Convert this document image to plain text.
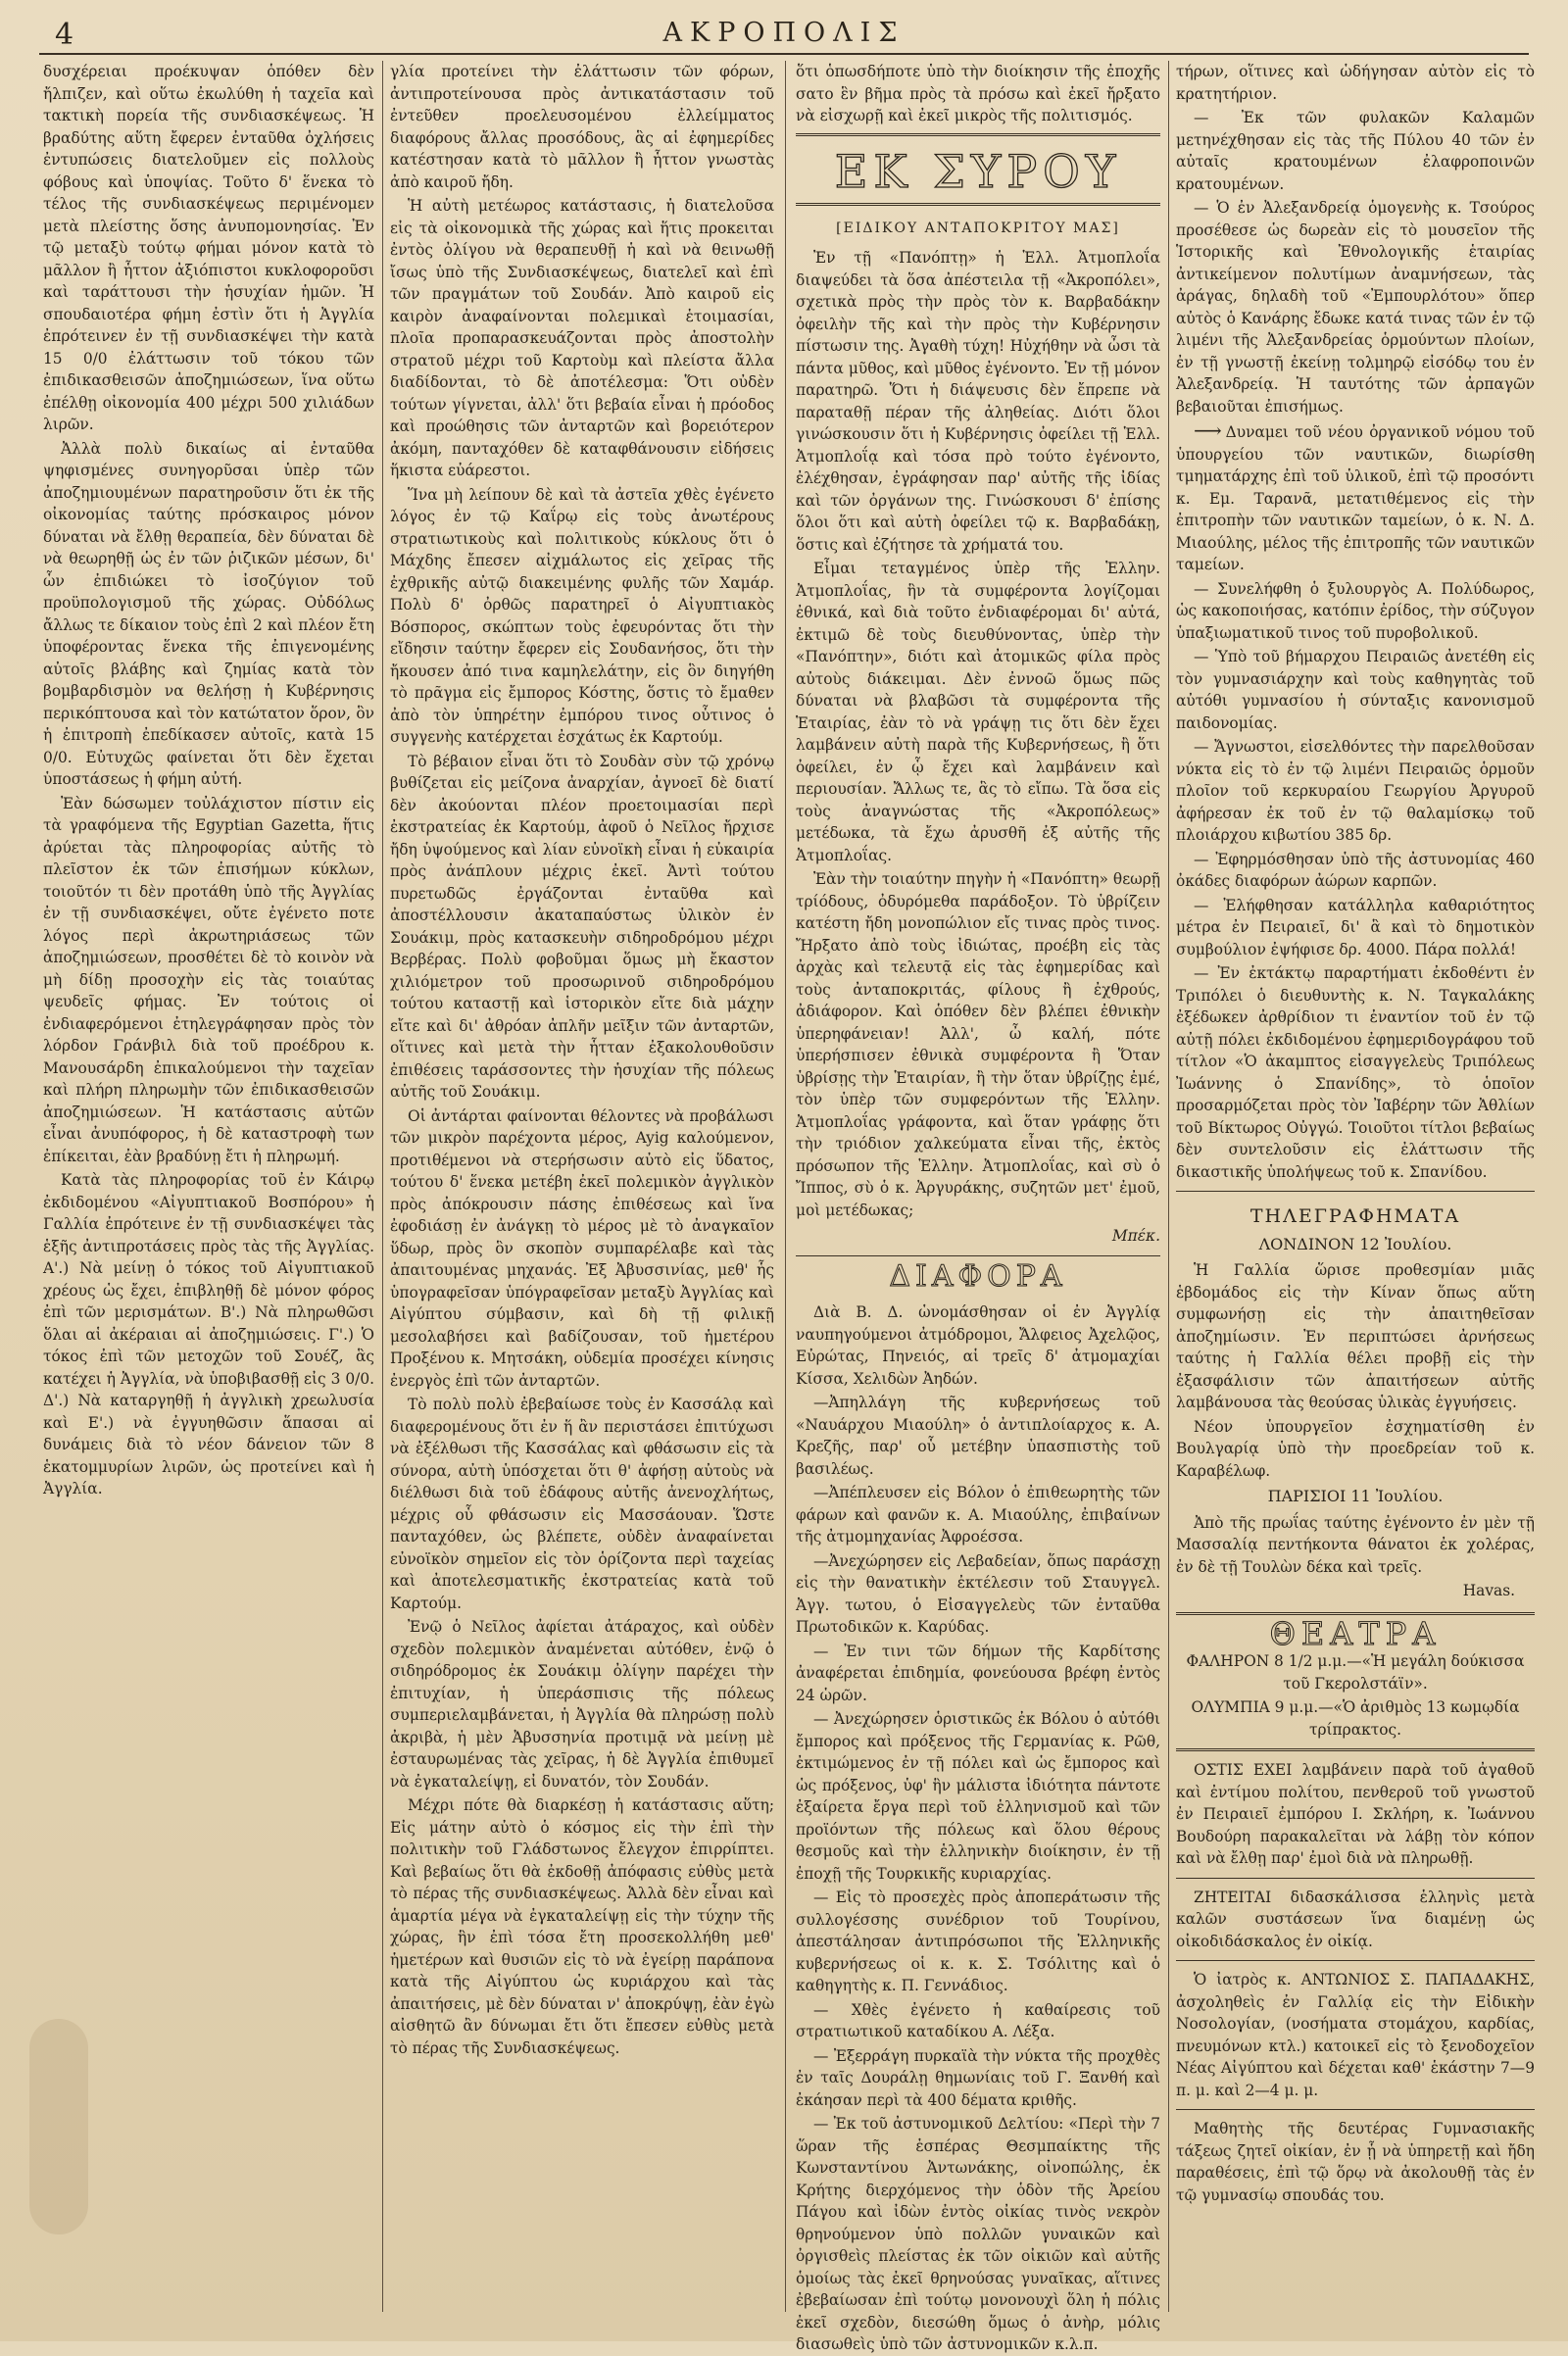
4	ΑΚΡΟΠΟΛΙΣ

δυσχέρειαι προέκυψαν ὁπόθεν δὲν ἤλπιζεν, καὶ οὕτω ἐκωλύθη ἡ ταχεῖα καὶ τακτικὴ πορεία τῆς συνδιασκέψεως. Ἡ βραδύτης αὕτη ἔφερεν ἐνταῦθα ὀχλήσεις ἐντυπώσεις διατελοῦμεν εἰς πολλοὺς φόβους καὶ ὑποψίας. Τοῦτο δ' ἕνεκα τὸ τέλος τῆς συνδιασκέψεως περιμένομεν μετὰ πλείστης ὅσης ἀνυπομονησίας. Ἐν τῷ μεταξὺ τούτῳ φήμαι μόνον κατὰ τὸ μᾶλλον ἢ ἧττον ἀξιόπιστοι κυκλοφοροῦσι καὶ ταράττουσι τὴν ἡσυχίαν ἡμῶν. Ἡ σπουδαιοτέρα φήμη ἐστὶν ὅτι ἡ Ἀγγλία ἐπρότεινεν ἐν τῇ συνδιασκέψει τὴν κατὰ 15 0/0 ἐλάττωσιν τοῦ τόκου τῶν ἐπιδικασθεισῶν ἀποζημιώσεων, ἵνα οὕτω ἐπέλθῃ οἰκονομία 400 μέχρι 500 χιλιάδων λιρῶν.

Ἀλλὰ πολὺ δικαίως αἱ ἐνταῦθα ψηφισμένες συνηγορῦσαι ὑπὲρ τῶν ἀποζημιουμένων παρατηροῦσιν ὅτι ἐκ τῆς οἰκονομίας ταύτης πρόσκαιρος μόνον δύναται νὰ ἔλθῃ θεραπεία, δὲν δύναται δὲ νὰ θεωρηθῇ ὡς ἐν τῶν ῥιζικῶν μέσων, δι' ὧν ἐπιδιώκει τὸ ἰσοζύγιον τοῦ προϋπολογισμοῦ τῆς χώρας. Οὐδόλως ἄλλως τε δίκαιον τοὺς ἐπὶ 2 καὶ πλέον ἔτη ὑποφέροντας ἕνεκα τῆς ἐπιγενομένης αὐτοῖς βλάβης καὶ ζημίας κατὰ τὸν βομβαρδισμὸν να θελήσῃ ἡ Κυβέρνησις περικόπτουσα καὶ τὸν κατώτατον ὅρον, ὃν ἡ ἐπιτροπὴ ἐπεδίκασεν αὐτοῖς, κατὰ 15 0/0. Εὐτυχῶς φαίνεται ὅτι δὲν ἔχεται ὑποστάσεως ἡ φήμη αὐτή.

Ἐὰν δώσωμεν τοὐλάχιστον πίστιν εἰς τὰ γραφόμενα τῆς Egyptian Gazetta, ἥτις ἀρύεται τὰς πληροφορίας αὐτῆς τὸ πλεῖστον ἐκ τῶν ἐπισήμων κύκλων, τοιοῦτόν τι δὲν προτάθη ὑπὸ τῆς Ἀγγλίας ἐν τῇ συνδιασκέψει, οὔτε ἐγένετο ποτε λόγος περὶ ἀκρωτηριάσεως τῶν ἀποζημιώσεων, προσθέτει δὲ τὸ κοινὸν νὰ μὴ δίδῃ προσοχὴν εἰς τὰς τοιαύτας ψευδεῖς φήμας. Ἐν τούτοις οἱ ἐνδιαφερόμενοι ἐτηλεγράφησαν πρὸς τὸν λόρδον Γράνβιλ διὰ τοῦ προέδρου κ. Μανουσάρδη ἐπικαλούμενοι τὴν ταχεῖαν καὶ πλήρη πληρωμὴν τῶν ἐπιδικασθεισῶν ἀποζημιώσεων. Ἡ κατάστασις αὐτῶν εἶναι ἀνυπόφορος, ἡ δὲ καταστροφὴ των ἐπίκειται, ἐὰν βραδύνῃ ἔτι ἡ πληρωμή.

Κατὰ τὰς πληροφορίας τοῦ ἐν Κάιρῳ ἐκδιδομένου «Αἰγυπτιακοῦ Βοσπόρου» ἡ Γαλλία ἐπρότεινε ἐν τῇ συνδιασκέψει τὰς ἑξῆς ἀντιπροτάσεις πρὸς τὰς τῆς Ἀγγλίας. Α'.) Νὰ μείνῃ ὁ τόκος τοῦ Αἰγυπτιακοῦ χρέους ὡς ἔχει, ἐπιβληθῇ δὲ μόνον φόρος ἐπὶ τῶν μερισμάτων. Β'.) Νὰ πληρωθῶσι ὅλαι αἱ ἀκέραιαι αἱ ἀποζημιώσεις. Γ'.) Ὁ τόκος ἐπὶ τῶν μετοχῶν τοῦ Σουέζ, ἃς κατέχει ἡ Ἀγγλία, νὰ ὑποβιβασθῇ εἰς 3 0/0. Δ'.) Νὰ καταργηθῇ ἡ ἀγγλικὴ χρεωλυσία καὶ Ε'.) νὰ ἐγγυηθῶσιν ἅπασαι αἱ δυνάμεις διὰ τὸ νέον δάνειον τῶν 8 ἑκατομμυρίων λιρῶν, ὡς προτείνει καὶ ἡ Ἀγγλία.

γλία προτείνει τὴν ἐλάττωσιν τῶν φόρων, ἀντιπροτείνουσα πρὸς ἀντικατάστασιν τοῦ ἐντεῦθεν προελευσομένου ἐλλείμματος διαφόρους ἄλλας προσόδους, ἃς αἱ ἐφημερίδες κατέστησαν κατὰ τὸ μᾶλλον ἢ ἧττον γνωστὰς ἀπὸ καιροῦ ἤδη.

Ἡ αὐτὴ μετέωρος κατάστασις, ἡ διατελοῦσα εἰς τὰ οἰκονομικὰ τῆς χώρας καὶ ἥτις προκειται ἐντὸς ὀλίγου νὰ θεραπευθῇ ἡ καὶ νὰ θεινωθῇ ἴσως ὑπὸ τῆς Συνδιασκέψεως, διατελεῖ καὶ ἐπὶ τῶν πραγμάτων τοῦ Σουδάν. Ἀπὸ καιροῦ εἰς καιρὸν ἀναφαίνονται πολεμικαὶ ἑτοιμασίαι, πλοῖα προπαρασκευάζονται πρὸς ἀποστολὴν στρατοῦ μέχρι τοῦ Καρτοὺμ καὶ πλείστα ἄλλα διαδίδονται, τὸ δὲ ἀποτέλεσμα: Ὅτι οὐδὲν τούτων γίγνεται, ἀλλ' ὅτι βεβαία εἶναι ἡ πρόοδος καὶ προώθησις τῶν ἀνταρτῶν καὶ βορειότερον ἀκόμη, πανταχόθεν δὲ καταφθάνουσιν εἰδήσεις ἥκιστα εὐάρεστοι.

Ἵνα μὴ λείπουν δὲ καὶ τὰ ἀστεῖα χθὲς ἐγένετο λόγος ἐν τῷ Καΐρῳ εἰς τοὺς ἀνωτέρους στρατιωτικοὺς καὶ πολιτικοὺς κύκλους ὅτι ὁ Μάχδης ἔπεσεν αἰχμάλωτος εἰς χεῖρας τῆς ἐχθρικῆς αὐτῷ διακειμένης φυλῆς τῶν Χαμάρ. Πολὺ δ' ὀρθῶς παρατηρεῖ ὁ Αἰγυπτιακὸς Βόσπορος, σκώπτων τοὺς ἐφευρόντας ὅτι τὴν εἴδησιν ταύτην ἔφερεν εἰς Σουδανήσος, ὅτι τὴν ἤκουσεν ἀπό τινα καμηλελάτην, εἰς ὃν διηγήθη τὸ πρᾶγμα εἰς ἔμπορος Κόστης, ὅστις τὸ ἔμαθεν ἀπὸ τὸν ὑπηρέτην ἐμπόρου τινος οὗτινος ὁ συγγενὴς κατέρχεται ἐσχάτως ἐκ Καρτούμ.

Τὸ βέβαιον εἶναι ὅτι τὸ Σουδὰν σὺν τῷ χρόνῳ βυθίζεται εἰς μείζονα ἀναρχίαν, ἀγνοεῖ δὲ διατί δὲν ἀκούονται πλέον προετοιμασίαι περὶ ἐκστρατείας ἐκ Καρτούμ, ἀφοῦ ὁ Νεῖλος ἤρχισε ἤδη ὑψούμενος καὶ λίαν εὐνοϊκὴ εἶναι ἡ εὐκαιρία πρὸς ἀνάπλουν μέχρις ἐκεῖ. Ἀντὶ τούτου πυρετωδῶς ἐργάζονται ἐνταῦθα καὶ ἀποστέλλουσιν ἀκαταπαύστως ὑλικὸν ἐν Σουάκιμ, πρὸς κατασκευὴν σιδηροδρόμου μέχρι Βερβέρας. Πολὺ φοβοῦμαι ὅμως μὴ ἔκαστον χιλιόμετρον τοῦ προσωρινοῦ σιδηροδρόμου τούτου καταστῇ καὶ ἱστορικὸν εἴτε διὰ μάχην εἴτε καὶ δι' ἀθρόαν ἀπλῆν μεῖξιν τῶν ἀνταρτῶν, οἵτινες καὶ μετὰ τὴν ἧτταν ἐξακολουθοῦσιν ἐπιθέσεις ταράσσοντες τὴν ἡσυχίαν τῆς πόλεως αὐτῆς τοῦ Σουάκιμ.

Οἱ ἀντάρται φαίνονται θέλοντες νὰ προβάλωσι τῶν μικρὸν παρέχοντα μέρος, Ayig καλούμενον, προτιθέμενοι νὰ στερήσωσιν αὐτὸ εἰς ὕδατος, τούτου δ' ἕνεκα μετέβη ἐκεῖ πολεμικὸν ἀγγλικὸν πρὸς ἀπόκρουσιν πάσης ἐπιθέσεως καὶ ἵνα ἐφοδιάσῃ ἐν ἀνάγκῃ τὸ μέρος μὲ τὸ ἀναγκαῖον ὕδωρ, πρὸς ὃν σκοπὸν συμπαρέλαβε καὶ τὰς ἀπαιτουμένας μηχανάς. Ἐξ Ἀβυσσινίας, μεθ' ἧς ὑπογραφεῖσαν ὑπόγραφεῖσαν μεταξὺ Ἀγγλίας καὶ Αἰγύπτου σύμβασιν, καὶ δὴ τῇ φιλικῇ μεσολαβήσει καὶ βαδίζουσαν, τοῦ ἡμετέρου Προξένου κ. Μητσάκη, οὐδεμία προσέχει κίνησις ἐνεργὸς ἐπὶ τῶν ἀνταρτῶν.

Τὸ πολὺ πολὺ ἐβεβαίωσε τοὺς ἐν Κασσάλᾳ καὶ διαφερομένους ὅτι ἐν ἥ ἂν περιστάσει ἐπιτύχωσι νὰ ἐξέλθωσι τῆς Κασσάλας καὶ φθάσωσιν εἰς τὰ σύνορα, αὐτὴ ὑπόσχεται ὅτι θ' ἀφήσῃ αὐτοὺς νὰ διέλθωσι διὰ τοῦ ἐδάφους αὐτῆς ἀνενοχλήτως, μέχρις οὗ φθάσωσιν εἰς Μασσάουαν. Ὥστε πανταχόθεν, ὡς βλέπετε, οὐδὲν ἀναφαίνεται εὐνοϊκὸν σημεῖον εἰς τὸν ὁρίζοντα περὶ ταχείας καὶ ἀποτελεσματικῆς ἐκστρατείας κατὰ τοῦ Καρτούμ.

Ἐνῷ ὁ Νεῖλος ἀφίεται ἀτάραχος, καὶ οὐδὲν σχεδὸν πολεμικὸν ἀναμένεται αὐτόθεν, ἐνῷ ὁ σιδηρόδρομος ἐκ Σουάκιμ ὀλίγην παρέχει τὴν ἐπιτυχίαν, ἡ ὑπεράσπισις τῆς πόλεως συμπεριελαμβάνεται, ἡ Ἀγγλία θὰ πληρώσῃ πολὺ ἀκριβὰ, ἡ μὲν Ἀβυσσηνία προτιμᾷ νὰ μείνῃ μὲ ἐσταυρωμένας τὰς χεῖρας, ἡ δὲ Ἀγγλία ἐπιθυμεῖ νὰ ἐγκαταλείψῃ, εἰ δυνατόν, τὸν Σουδάν.

Μέχρι πότε θὰ διαρκέσῃ ἡ κατάστασις αὕτη; Εἰς μάτην αὐτὸ ὁ κόσμος εἰς τὴν ἐπὶ τὴν πολιτικὴν τοῦ Γλάδστωνος ἔλεγχον ἐπιρρίπτει. Καὶ βεβαίως ὅτι θὰ ἐκδοθῇ ἀπόφασις εὐθὺς μετὰ τὸ πέρας τῆς συνδιασκέψεως. Ἀλλὰ δὲν εἶναι καὶ ἁμαρτία μέγα νὰ ἐγκαταλείψῃ εἰς τὴν τύχην τῆς χώρας, ἣν ἐπὶ τόσα ἔτη προσεκολλήθη μεθ' ἡμετέρων καὶ θυσιῶν εἰς τὸ νὰ ἐγείρῃ παράπονα κατὰ τῆς Αἰγύπτου ὡς κυριάρχου καὶ τὰς ἀπαιτήσεις, μὲ δὲν δύναται ν' ἀποκρύψῃ, ἐὰν ἐγὼ αἰσθητῶ ἂν δύνωμαι ἔτι ὅτι ἔπεσεν εὐθὺς μετὰ τὸ πέρας τῆς Συνδιασκέψεως.

ὅτι ὁπωσδήποτε ὑπὸ τὴν διοίκησιν τῆς ἐποχῆς σατο ἓν βῆμα πρὸς τὰ πρόσω καὶ ἐκεῖ ἤρξατο νὰ εἰσχωρῇ καὶ ἐκεῖ μικρὸς τῆς πολιτισμός.

ΕΚ ΣΥΡΟΥ
[ΕΙΔΙΚΟΥ ΑΝΤΑΠΟΚΡΙΤΟΥ ΜΑΣ]

Ἐν τῇ «Πανόπτῃ» ἡ Ἑλλ. Ἀτμοπλοΐα διαψεύδει τὰ ὅσα ἀπέστειλα τῇ «Ἀκροπόλει», σχετικὰ πρὸς τὴν πρὸς τὸν κ. Βαρβαδάκην ὀφειλὴν τῆς καὶ τὴν πρὸς τὴν Κυβέρνησιν πίστωσιν της. Ἀγαθὴ τύχη! Ηὐχήθην νὰ ὦσι τὰ πάντα μῦθος, καὶ μῦθος ἐγένοντο. Ἐν τῇ μόνον παρατηρῶ. Ὅτι ἡ διάψευσις δὲν ἔπρεπε νὰ παραταθῇ πέραν τῆς ἀληθείας. Διότι ὅλοι γινώσκουσιν ὅτι ἡ Κυβέρνησις ὀφείλει τῇ Ἑλλ. Ἀτμοπλοΐᾳ καὶ τόσα πρὸ τούτο ἐγένοντο, ἐλέχθησαν, ἐγράφησαν παρ' αὐτῆς τῆς ἰδίας καὶ τῶν ὀργάνων της. Γινώσκουσι δ' ἐπίσης ὅλοι ὅτι καὶ αὐτὴ ὀφείλει τῷ κ. Βαρβαδάκῃ, ὅστις καὶ ἐζήτησε τὰ χρήματά του.

Εἶμαι τεταγμένος ὑπὲρ τῆς Ἑλλην. Ἀτμοπλοΐας, ἣν τὰ συμφέροντα λογίζομαι ἐθνικά, καὶ διὰ τοῦτο ἐνδιαφέρομαι δι' αὐτά, ἐκτιμῶ δὲ τοὺς διευθύνοντας, ὑπὲρ τὴν «Πανόπτην», διότι καὶ ἀτομικῶς φίλα πρὸς αὐτοὺς διάκειμαι. Δὲν ἐννοῶ ὅμως πῶς δύναται νὰ βλαβῶσι τὰ συμφέροντα τῆς Ἑταιρίας, ἐὰν τὸ νὰ γράψῃ τις ὅτι δὲν ἔχει λαμβάνειν αὐτὴ παρὰ τῆς Κυβερνήσεως, ἢ ὅτι ὀφείλει, ἐν ᾧ ἔχει καὶ λαμβάνειν καὶ περιουσίαν. Ἄλλως τε, ἃς τὸ εἴπω. Τὰ ὅσα εἰς τοὺς ἀναγνώστας τῆς «Ἀκροπόλεως» μετέδωκα, τὰ ἔχω ἀρυσθῆ ἐξ αὐτῆς τῆς Ἀτμοπλοΐας.

Ἐὰν τὴν τοιαύτην πηγὴν ἡ «Πανόπτη» θεωρῇ τρίόδους, ὀδυρόμεθα παράδοξον. Τὸ ὑβρίζειν κατέστη ἤδη μονοπώλιον εἴς τινας πρὸς τινος. Ἤρξατο ἀπὸ τοὺς ἰδιώτας, προέβη εἰς τὰς ἀρχὰς καὶ τελευτᾷ εἰς τὰς ἐφημερίδας καὶ τοὺς ἀνταποκριτάς, φίλους ἢ ἐχθρούς, ἀδιάφορον. Καὶ ὁπόθεν δὲν βλέπει ἐθνικὴν ὑπερηφάνειαν! Ἀλλ', ὦ καλή, πότε ὑπερήσπισεν ἐθνικὰ συμφέροντα ἢ Ὅταν ὑβρίσῃς τὴν Ἑταιρίαν, ἢ τὴν ὅταν ὑβρίζῃς ἐμέ, τὸν ὑπὲρ τῶν συμφερόντων τῆς Ἑλλην. Ἀτμοπλοΐας γράφοντα, καὶ ὅταν γράφῃς ὅτι τὴν τριόδιον χαλκεύματα εἶναι τῆς, ἐκτὸς πρόσωπον τῆς Ἑλλην. Ἀτμοπλοΐας, καὶ σὺ ὁ Ἴππος, σὺ ὁ κ. Ἀργυράκης, συζητῶν μετ' ἐμοῦ, μοὶ μετέδωκας;

Μπέκ.
ΔΙΑΦΟΡΑ

Διὰ Β. Δ. ὡνομάσθησαν οἱ ἐν Ἀγγλίᾳ ναυπηγούμενοι ἀτμόδρομοι, Ἄλφειος Ἀχελῷος, Εὐρώτας, Πηνειός, αἱ τρεῖς δ' ἀτμομαχίαι Κίσσα, Χελιδὼν Ἀηδών.

—Ἀπηλλάγη τῆς κυβερνήσεως τοῦ «Ναυάρχου Μιαούλη» ὁ ἀντιπλοίαρχος κ. Α. Κρεζῆς, παρ' οὗ μετέβην ὑπασπιστὴς τοῦ βασιλέως.

—Ἀπέπλευσεν εἰς Βόλον ὁ ἐπιθεωρητὴς τῶν φάρων καὶ φανῶν κ. Α. Μιαούλης, ἐπιβαίνων τῆς ἀτμομηχανίας Ἀφροέσσα.

—Ἀνεχώρησεν εἰς Λεβαδείαν, ὅπως παράσχῃ εἰς τὴν θανατικὴν ἐκτέλεσιν τοῦ Σταυγγελ. Ἀγγ. τωτου, ὁ Εἰσαγγελεὺς τῶν ἐνταῦθα Πρωτοδικῶν κ. Καρύδας.

— Ἐν τινι τῶν δήμων τῆς Καρδίτσης ἀναφέρεται ἐπιδημία, φονεύουσα βρέφη ἐντὸς 24 ὡρῶν.

— Ἀνεχώρησεν ὁριστικῶς ἐκ Βόλου ὁ αὐτόθι ἔμπορος καὶ πρόξενος τῆς Γερμανίας κ. Ρῶθ, ἐκτιμώμενος ἐν τῇ πόλει καὶ ὡς ἔμπορος καὶ ὡς πρόξενος, ὑφ' ἣν μάλιστα ἰδιότητα πάντοτε ἐξαίρετα ἔργα περὶ τοῦ ἑλληνισμοῦ καὶ τῶν προϊόντων τῆς πόλεως καὶ ὅλου θέρους θεσμοῦς καὶ τὴν ἑλληνικὴν διοίκησιν, ἐν τῇ ἐποχῇ τῆς Τουρκικῆς κυριαρχίας.

— Εἰς τὸ προσεχὲς πρὸς ἀποπεράτωσιν τῆς συλλογέσσης συνέδριον τοῦ Τουρίνου, ἀπεστάλησαν ἀντιπρόσωποι τῆς Ἑλληνικῆς κυβερνήσεως οἱ κ. κ. Σ. Τσόλιτης καὶ ὁ καθηγητὴς κ. Π. Γεννάδιος.

— Χθὲς ἐγένετο ἡ καθαίρεσις τοῦ στρατιωτικοῦ καταδίκου Α. Λέξα.

— Ἐξερράγη πυρκαϊὰ τὴν νύκτα τῆς προχθὲς ἐν ταῖς Δουράλῃ θημωνίαις τοῦ Γ. Ξανθή καὶ ἐκάησαν περὶ τὰ 400 δέματα κριθῆς.

— Ἐκ τοῦ ἀστυνομικοῦ Δελτίου: «Περὶ τὴν 7 ὥραν τῆς ἑσπέρας Θεσμπαίκτης τῆς Κωνσταντίνου Ἀντωνάκης, οἰνοπώλης, ἐκ Κρήτης διερχόμενος τὴν ὁδὸν τῆς Ἀρείου Πάγου καὶ ἰδὼν ἐντὸς οἰκίας τινὸς νεκρὸν θρηνούμενον ὑπὸ πολλῶν γυναικῶν καὶ ὀργισθεὶς πλείστας ἐκ τῶν οἰκιῶν καὶ αὐτῆς ὁμοίως τὰς ἐκεῖ θρηνούσας γυναῖκας, αἵτινες ἐβεβαίωσαν ἐπὶ τούτῳ μονονουχὶ ὅλη ἡ πόλις ἐκεῖ σχεδὸν, διεσώθη ὅμως ὁ ἀνὴρ, μόλις διασωθεὶς ὑπὸ τῶν ἀστυνομικῶν κ.λ.π.

τήρων, οἵτινες καὶ ὡδήγησαν αὐτὸν εἰς τὸ κρατητήριον.

— Ἐκ τῶν φυλακῶν Καλαμῶν μετηνέχθησαν εἰς τὰς τῆς Πύλου 40 τῶν ἐν αὐταῖς κρατουμένων ἐλαφροποινῶν κρατουμένων.

— Ὁ ἐν Ἀλεξανδρείᾳ ὁμογενὴς κ. Τσούρος προσέθεσε ὡς δωρεὰν εἰς τὸ μουσεῖον τῆς Ἱστορικῆς καὶ Ἐθνολογικῆς ἑταιρίας ἀντικείμενον πολυτίμων ἀναμνήσεων, τὰς ἀράγας, δηλαδὴ τοῦ «Ἐμπουρλότου» ὅπερ αὐτὸς ὁ Κανάρης ἔδωκε κατά τινας τῶν ἐν τῷ λιμένι τῆς Ἀλεξανδρείας ὁρμούντων πλοίων, ἐν τῇ γνωστῇ ἐκείνῃ τολμηρῷ εἰσόδῳ του ἐν Ἀλεξανδρείᾳ. Ἡ ταυτότης τῶν ἀρπαγῶν βεβαιοῦται ἐπισήμως.

⟶ Δυναμει τοῦ νέου ὀργανικοῦ νόμου τοῦ ὑπουργείου τῶν ναυτικῶν, διωρίσθη τμηματάρχης ἐπὶ τοῦ ὑλικοῦ, ἐπὶ τῷ προσόντι κ. Εμ. Ταρανᾶ, μετατιθέμενος εἰς τὴν ἐπιτροπὴν τῶν ναυτικῶν ταμείων, ὁ κ. Ν. Δ. Μιαούλης, μέλος τῆς ἐπιτροπῆς τῶν ναυτικῶν ταμείων.

— Συνελήφθη ὁ ξυλουργὸς Α. Πολύδωρος, ὡς κακοποιήσας, κατόπιν ἐρίδος, τὴν σύζυγον ὑπαξιωματικοῦ τινος τοῦ πυροβολικοῦ.

— Ὑπὸ τοῦ βήμαρχου Πειραιῶς ἀνετέθη εἰς τὸν γυμνασιάρχην καὶ τοὺς καθηγητὰς τοῦ αὐτόθι γυμνασίου ἡ σύνταξις κανονισμοῦ παιδονομίας.

— Ἄγνωστοι, εἰσελθόντες τὴν παρελθοῦσαν νύκτα εἰς τὸ ἐν τῷ λιμένι Πειραιῶς ὁρμοῦν πλοῖον τοῦ κερκυραίου Γεωργίου Ἀργυροῦ ἀφήρεσαν ἐκ τοῦ ἐν τῷ θαλαμίσκῳ τοῦ πλοιάρχου κιβωτίου 385 δρ.

— Ἐφηρμόσθησαν ὑπὸ τῆς ἀστυνομίας 460 ὀκάδες διαφόρων ἀώρων καρπῶν.

— Ἐλήφθησαν κατάλληλα καθαριότητος μέτρα ἐν Πειραιεῖ, δι' ἃ καὶ τὸ δημοτικὸν συμβούλιον ἐψήφισε δρ. 4000. Πάρα πολλά!

— Ἐν ἐκτάκτῳ παραρτήματι ἐκδοθέντι ἐν Τριπόλει ὁ διευθυντὴς κ. Ν. Ταγκαλάκης ἐξέδωκεν ἀρθρίδιον τι ἐναντίον τοῦ ἐν τῷ αὐτῇ πόλει ἐκδιδομένου ἐφημεριδογράφου τοῦ τίτλον «Ὁ ἀκαμπτος εἰσαγγελεὺς Τριπόλεως Ἰωάννης ὁ Σπανίδης», τὸ ὁποῖον προσαρμόζεται πρὸς τὸν Ἰαβέρην τῶν Ἀθλίων τοῦ Βίκτωρος Οὐγγώ. Τοιοῦτοι τίτλοι βεβαίως δὲν συντελοῦσιν εἰς ἐλάττωσιν τῆς δικαστικῆς ὑπολήψεως τοῦ κ. Σπανίδου.

ΤΗΛΕΓΡΑΦΗΜΑΤΑ
ΛΟΝΔΙΝΟΝ 12 Ἰουλίου.

Ἡ Γαλλία ὥρισε προθεσμίαν μιᾶς ἑβδομάδος εἰς τὴν Κίναν ὅπως αὕτη συμφωνήσῃ εἰς τὴν ἀπαιτηθεῖσαν ἀποζημίωσιν. Ἐν περιπτώσει ἀρνήσεως ταύτης ἡ Γαλλία θέλει προβῇ εἰς τὴν ἐξασφάλισιν τῶν ἀπαιτήσεων αὐτῆς λαμβάνουσα τὰς θεούσας ὑλικὰς ἐγγυήσεις.

Νέον ὑπουργεῖον ἐσχηματίσθη ἐν Βουλγαρίᾳ ὑπὸ τὴν προεδρείαν τοῦ κ. Καραβέλωφ.

ΠΑΡΙΣΙΟΙ 11 Ἰουλίου.

Ἀπὸ τῆς πρωΐας ταύτης ἐγένοντο ἐν μὲν τῇ Μασσαλίᾳ πεντήκοντα θάνατοι ἐκ χολέρας, ἐν δὲ τῇ Τουλὼν δέκα καὶ τρεῖς.

Havas.
ΘΕΑΤΡΑ
ΦΑΛΗΡΟΝ 8 1/2 μ.μ.—«Ἡ μεγάλη δούκισσα τοῦ Γκερολστάϊν».
ΟΛΥΜΠΙΑ 9 μ.μ.—«Ὁ ἀριθμὸς 13 κωμῳδία τρίπρακτος.

ΟΣΤΙΣ ΕΧΕΙ λαμβάνειν παρὰ τοῦ ἀγαθοῦ καὶ ἐντίμου πολίτου, πενθεροῦ τοῦ γνωστοῦ ἐν Πειραιεῖ ἐμπόρου Ι. Σκλήρη, κ. Ἰωάννου Βουδούρη παρακαλεῖται νὰ λάβῃ τὸν κόπον καὶ νὰ ἔλθῃ παρ' ἐμοὶ διὰ νὰ πληρωθῇ.

ΖΗΤΕΙΤΑΙ διδασκάλισσα ἑλληνὶς μετὰ καλῶν συστάσεων ἵνα διαμένῃ ὡς οἰκοδιδάσκαλος ἐν οἰκίᾳ.

Ὁ ἰατρὸς κ. ΑΝΤΩΝΙΟΣ Σ. ΠΑΠΑΔΑΚΗΣ, ἀσχοληθεὶς ἐν Γαλλίᾳ εἰς τὴν Εἰδικὴν Νοσολογίαν, (νοσήματα στομάχου, καρδίας, πνευμόνων κτλ.) κατοικεῖ εἰς τὸ ξενοδοχεῖον Νέας Αἰγύπτου καὶ δέχεται καθ' ἑκάστην 7—9 π. μ. καὶ 2—4 μ. μ.

Μαθητὴς τῆς δευτέρας Γυμνασιακῆς τάξεως ζητεῖ οἰκίαν, ἐν ᾗ νὰ ὑπηρετῇ καὶ ἤδη παραθέσεις, ἐπὶ τῷ ὅρῳ νὰ ἀκολουθῇ τὰς ἐν τῷ γυμνασίῳ σπουδάς του.
